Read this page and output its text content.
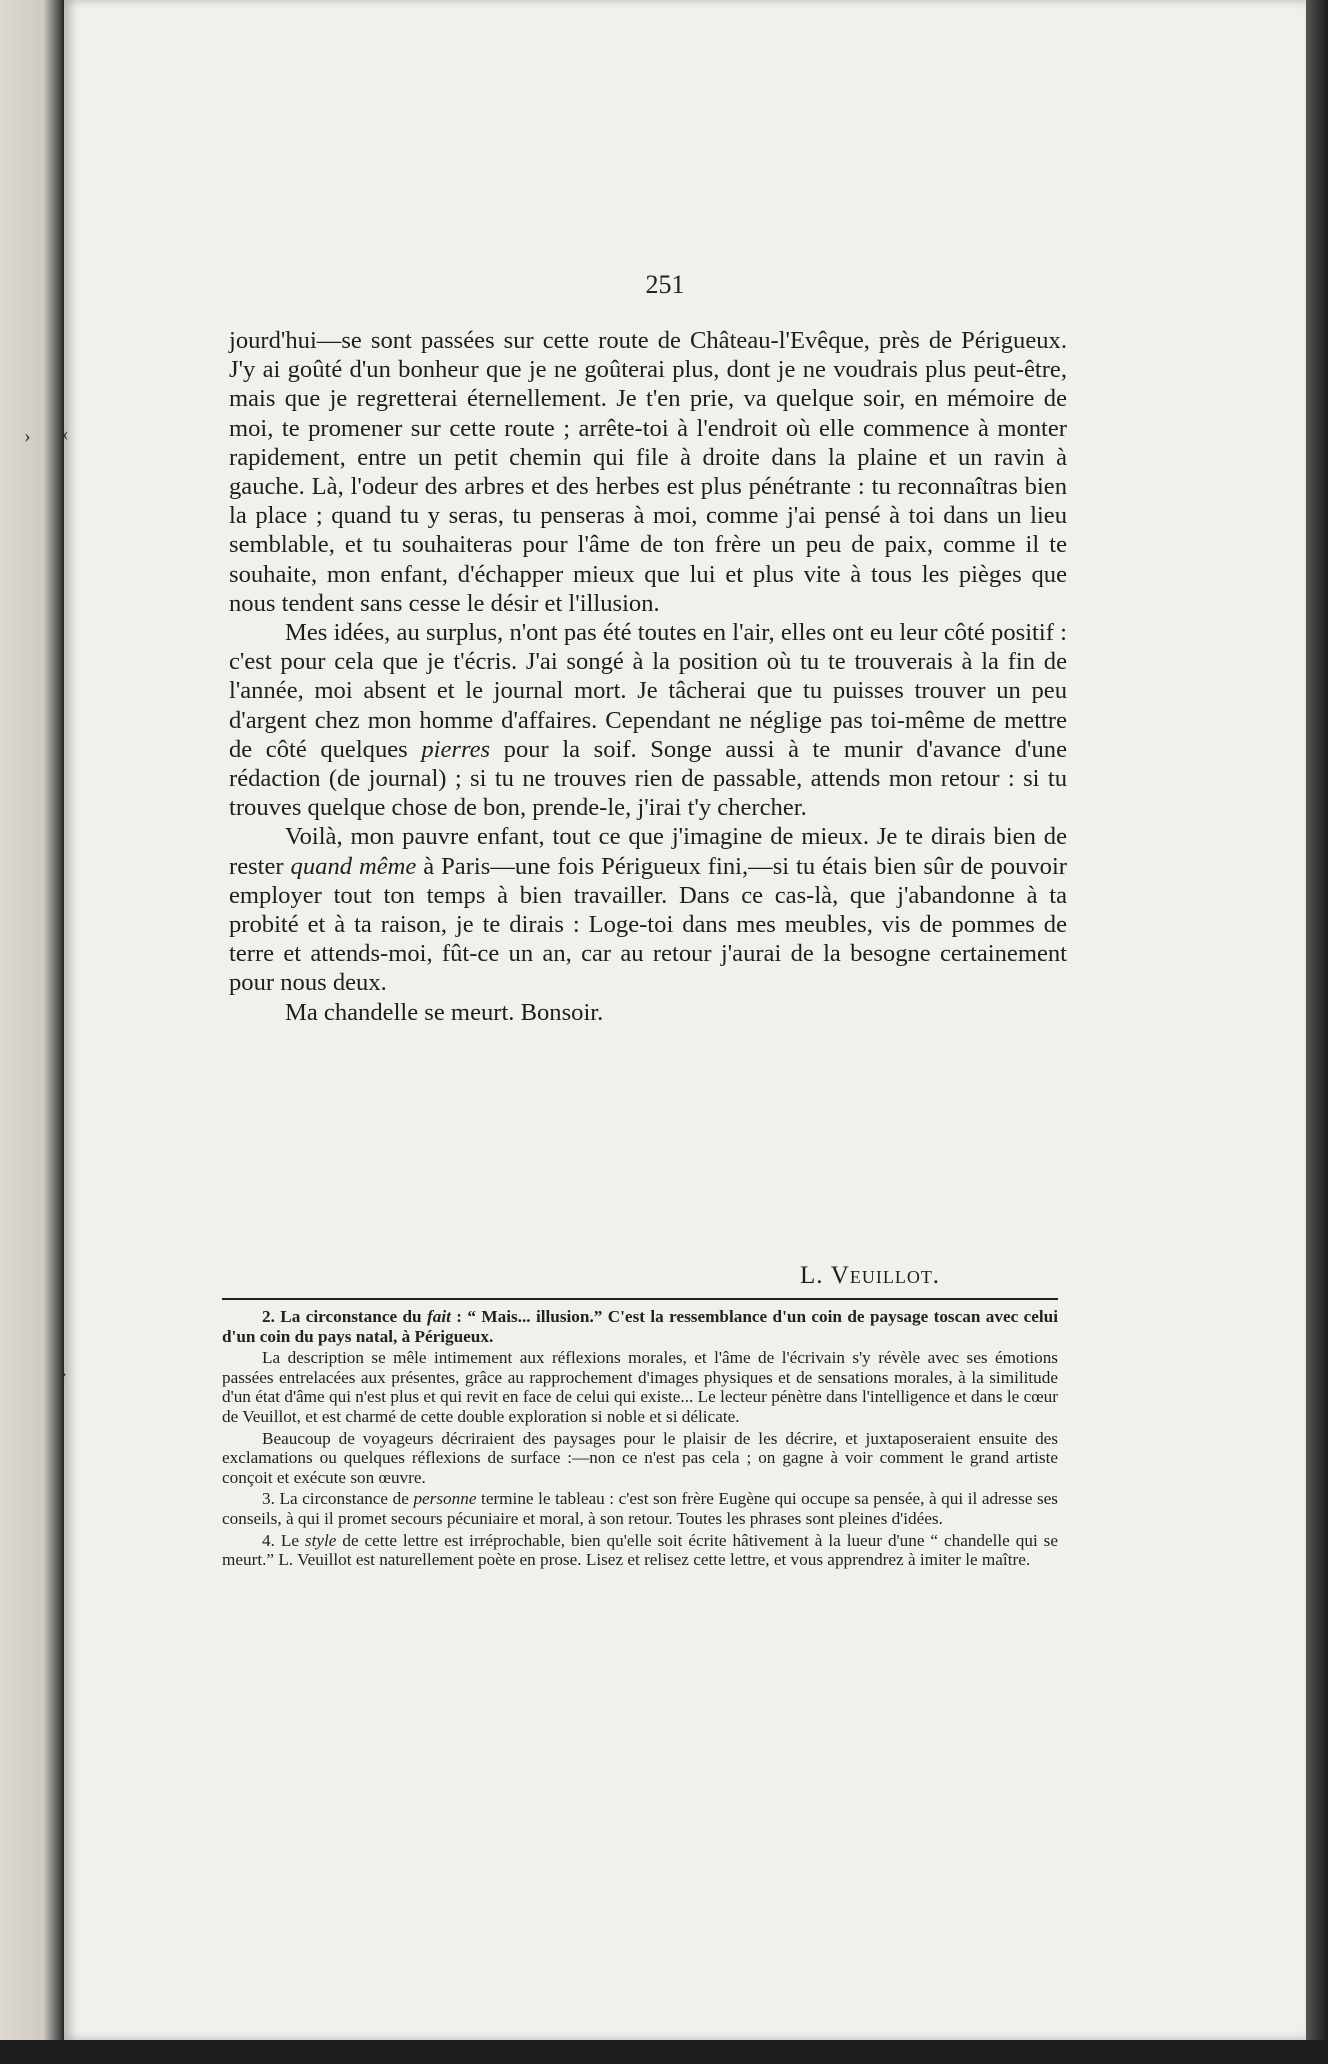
› ‹
›
251

jourd'hui—se sont passées sur cette route de Château-l'Evêque, près de Périgueux. J'y ai goûté d'un bonheur que je ne goûterai plus, dont je ne voudrais plus peut-être, mais que je regretterai éternellement. Je t'en prie, va quelque soir, en mémoire de moi, te promener sur cette route ; arrête-toi à l'endroit où elle commence à monter rapidement, entre un petit chemin qui file à droite dans la plaine et un ravin à gauche. Là, l'odeur des arbres et des herbes est plus pénétrante : tu reconnaîtras bien la place ; quand tu y seras, tu penseras à moi, comme j'ai pensé à toi dans un lieu semblable, et tu souhaiteras pour l'âme de ton frère un peu de paix, comme il te souhaite, mon enfant, d'échapper mieux que lui et plus vite à tous les pièges que nous tendent sans cesse le désir et l'illusion.

Mes idées, au surplus, n'ont pas été toutes en l'air, elles ont eu leur côté positif : c'est pour cela que je t'écris. J'ai songé à la position où tu te trouverais à la fin de l'année, moi absent et le journal mort. Je tâcherai que tu puisses trouver un peu d'argent chez mon homme d'affaires. Cependant ne néglige pas toi-même de mettre de côté quelques pierres pour la soif. Songe aussi à te munir d'avance d'une rédaction (de journal) ; si tu ne trouves rien de passable, attends mon retour : si tu trouves quelque chose de bon, prende-le, j'irai t'y chercher.

Voilà, mon pauvre enfant, tout ce que j'imagine de mieux. Je te dirais bien de rester quand même à Paris—une fois Périgueux fini,—si tu étais bien sûr de pouvoir employer tout ton temps à bien travailler. Dans ce cas-là, que j'abandonne à ta probité et à ta raison, je te dirais : Loge-toi dans mes meubles, vis de pommes de terre et attends-moi, fût-ce un an, car au retour j'aurai de la besogne certainement pour nous deux.

Ma chandelle se meurt. Bonsoir.

L. Veuillot.

2. La circonstance du fait : “ Mais... illusion.” C'est la ressemblance d'un coin de paysage toscan avec celui d'un coin du pays natal, à Périgueux.

La description se mêle intimement aux réflexions morales, et l'âme de l'écrivain s'y révèle avec ses émotions passées entrelacées aux présentes, grâce au rapprochement d'images physiques et de sensations morales, à la similitude d'un état d'âme qui n'est plus et qui revit en face de celui qui existe... Le lecteur pénètre dans l'intelligence et dans le cœur de Veuillot, et est charmé de cette double exploration si noble et si délicate.

Beaucoup de voyageurs décriraient des paysages pour le plaisir de les décrire, et juxtaposeraient ensuite des exclamations ou quelques réflexions de surface :—non ce n'est pas cela ; on gagne à voir comment le grand artiste conçoit et exécute son œuvre.

3. La circonstance de personne termine le tableau : c'est son frère Eugène qui occupe sa pensée, à qui il adresse ses conseils, à qui il promet secours pécuniaire et moral, à son retour. Toutes les phrases sont pleines d'idées.

4. Le style de cette lettre est irréprochable, bien qu'elle soit écrite hâtivement à la lueur d'une “ chandelle qui se meurt.” L. Veuillot est naturellement poète en prose. Lisez et relisez cette lettre, et vous apprendrez à imiter le maître.
